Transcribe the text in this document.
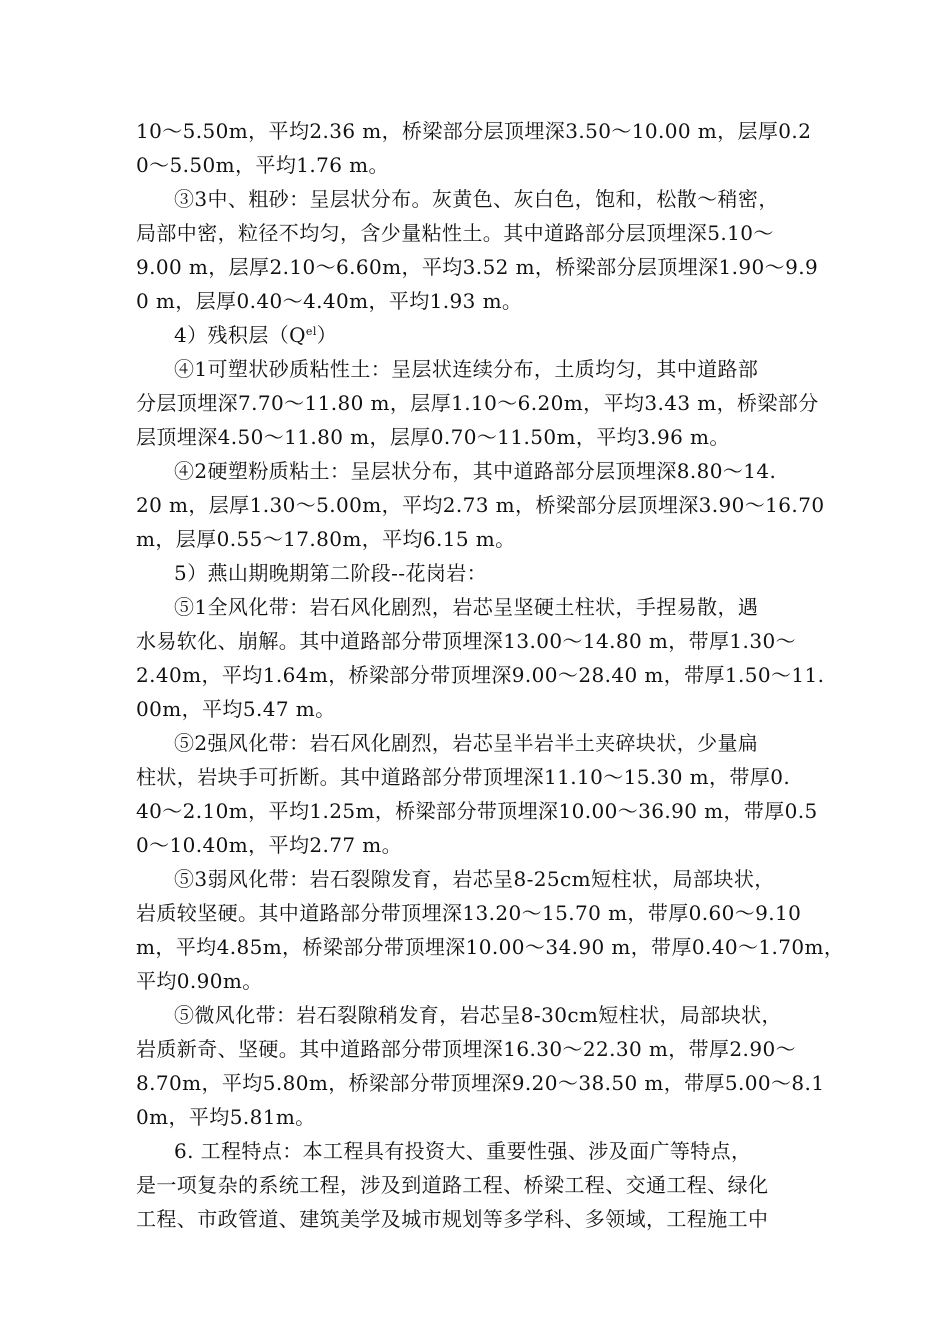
10～5.50m，平均2.36 m，桥梁部分层顶埋深3.50～10.00 m，层厚0.2
0～5.50m，平均1.76 m。
③3中、粗砂：呈层状分布。灰黄色、灰白色，饱和，松散～稍密，
局部中密，粒径不均匀，含少量粘性土。其中道路部分层顶埋深5.10～
9.00 m，层厚2.10～6.60m，平均3.52 m，桥梁部分层顶埋深1.90～9.9
0 m，层厚0.40～4.40m，平均1.93 m。
4）残积层$(Q^{el})$
④1可塑状砂质粘性土：呈层状连续分布，土质均匀，其中道路部
分层顶埋深7.70～11.80 m，层厚1.10～6.20m，平均3.43 m，桥梁部分
层顶埋深4.50～11.80 m，层厚0.70～11.50m，平均3.96 m。
④2硬塑粉质粘土：呈层状分布，其中道路部分层顶埋深8.80～14.
20 m，层厚1.30～5.00m，平均2.73 m，桥梁部分层顶埋深3.90～16.70
m，层厚0.55～17.80m，平均6.15 m。
5）燕山期晚期第二阶段--花岗岩：
⑤1全风化带：岩石风化剧烈，岩芯呈坚硬土柱状，手捏易散，遇
水易软化、崩解。其中道路部分带顶埋深13.00～14.80 m，带厚1.30～
2.40m，平均1.64m，桥梁部分带顶埋深9.00～28.40 m，带厚1.50～11.
00m，平均5.47 m。
⑤2强风化带：岩石风化剧烈，岩芯呈半岩半土夹碎块状，少量扁
柱状，岩块手可折断。其中道路部分带顶埋深11.10～15.30 m，带厚0.
40～2.10m，平均1.25m，桥梁部分带顶埋深10.00～36.90 m，带厚0.5
0～10.40m，平均2.77 m。
⑤3弱风化带：岩石裂隙发育，岩芯呈8-25cm短柱状，局部块状，
岩质较坚硬。其中道路部分带顶埋深13.20～15.70 m，带厚0.60～9.10
m，平均4.85m，桥梁部分带顶埋深10.00～34.90 m，带厚0.40～1.70m，
平均0.90m。
⑤微风化带：岩石裂隙稍发育，岩芯呈8-30cm短柱状，局部块状，
岩质新奇、坚硬。其中道路部分带顶埋深16.30～22.30 m，带厚2.90～
8.70m，平均5.80m，桥梁部分带顶埋深9.20～38.50 m，带厚5.00～8.1
0m，平均5.81m。
6. 工程特点：本工程具有投资大、重要性强、涉及面广等特点，
是一项复杂的系统工程，涉及到道路工程、桥梁工程、交通工程、绿化
工程、市政管道、建筑美学及城市规划等多学科、多领域，工程施工中
